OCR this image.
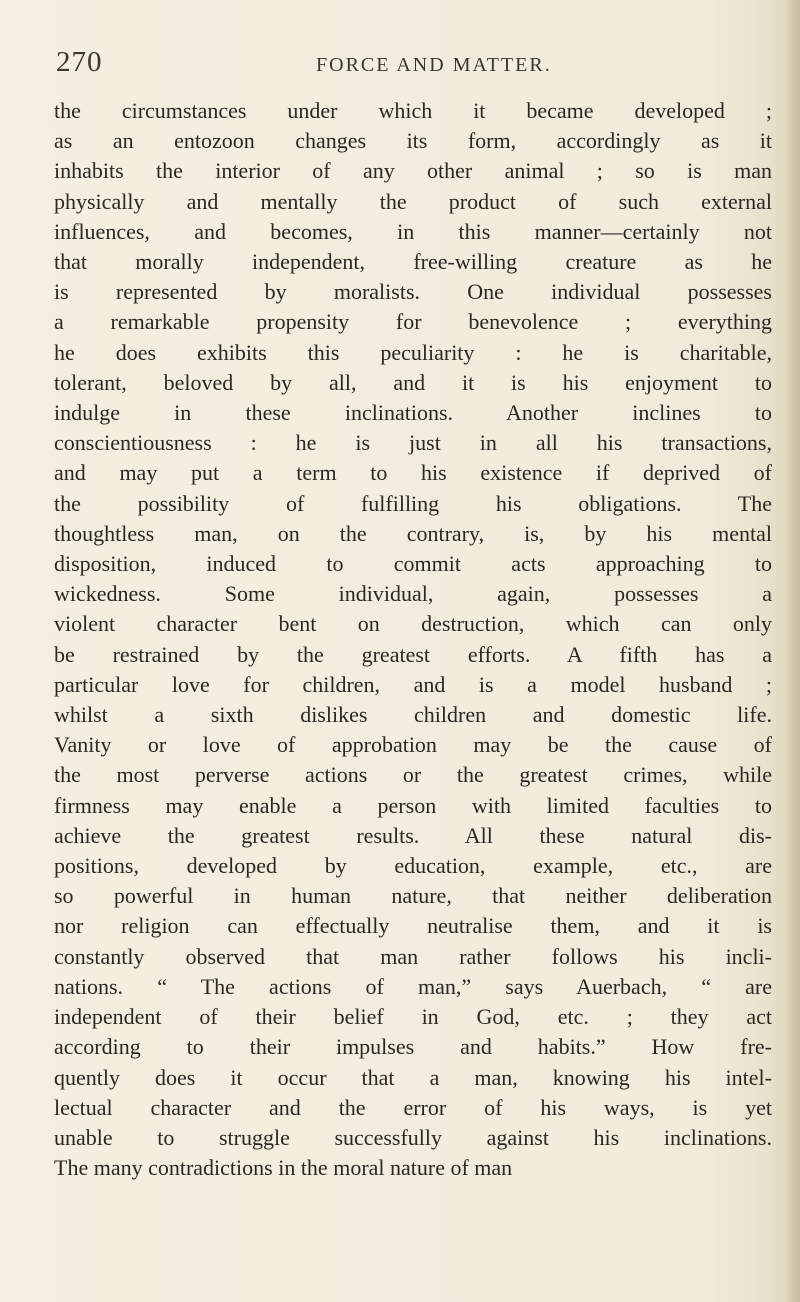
270	FORCE AND MATTER.
the circumstances under which it became developed ;
as an entozoon changes its form, accordingly as it
inhabits the interior of any other animal ; so is man
physically and mentally the product of such external
influences, and becomes, in this manner—certainly not
that morally independent, free-willing creature as he
is represented by moralists. One individual possesses
a remarkable propensity for benevolence ; everything
he does exhibits this peculiarity : he is charitable,
tolerant, beloved by all, and it is his enjoyment to
indulge in these inclinations. Another inclines to
conscientiousness : he is just in all his transactions,
and may put a term to his existence if deprived of
the possibility of fulfilling his obligations. The
thoughtless man, on the contrary, is, by his mental
disposition, induced to commit acts approaching to
wickedness. Some individual, again, possesses a
violent character bent on destruction, which can only
be restrained by the greatest efforts. A fifth has a
particular love for children, and is a model husband ;
whilst a sixth dislikes children and domestic life.
Vanity or love of approbation may be the cause of
the most perverse actions or the greatest crimes, while
firmness may enable a person with limited faculties to
achieve the greatest results. All these natural dis-
positions, developed by education, example, etc., are
so powerful in human nature, that neither deliberation
nor religion can effectually neutralise them, and it is
constantly observed that man rather follows his incli-
nations. “ The actions of man,” says Auerbach, “ are
independent of their belief in God, etc. ; they act
according to their impulses and habits.” How fre-
quently does it occur that a man, knowing his intel-
lectual character and the error of his ways, is yet
unable to struggle successfully against his inclinations.
The many contradictions in the moral nature of man
